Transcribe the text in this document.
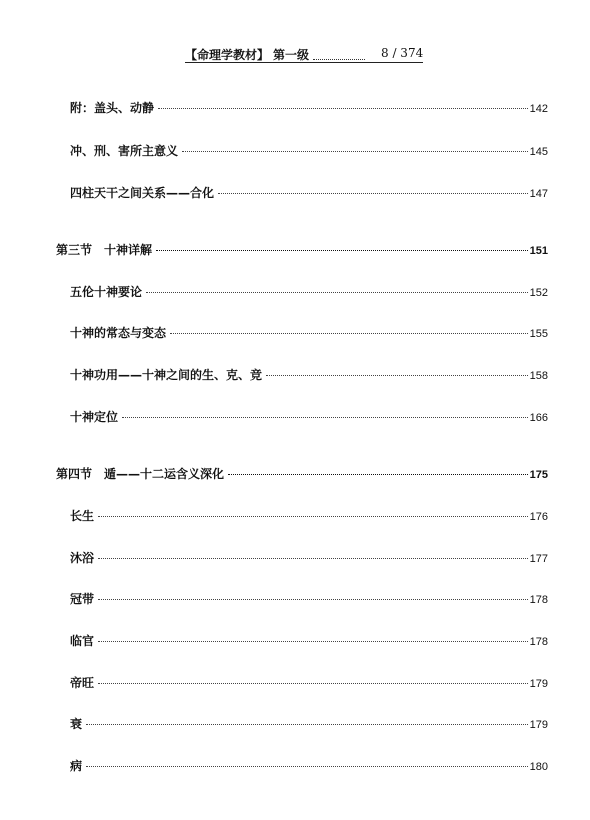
【命理学教材】 第一级	8 / 374
附：盖头、动静	142
冲、刑、害所主意义	145
四柱天干之间关系——合化	147
第三节　十神详解	151
五伦十神要论	152
十神的常态与变态	155
十神功用——十神之间的生、克、竞	158
十神定位	166
第四节　遁——十二运含义深化	175
长生	176
沐浴	177
冠带	178
临官	178
帝旺	179
衰	179
病	180
